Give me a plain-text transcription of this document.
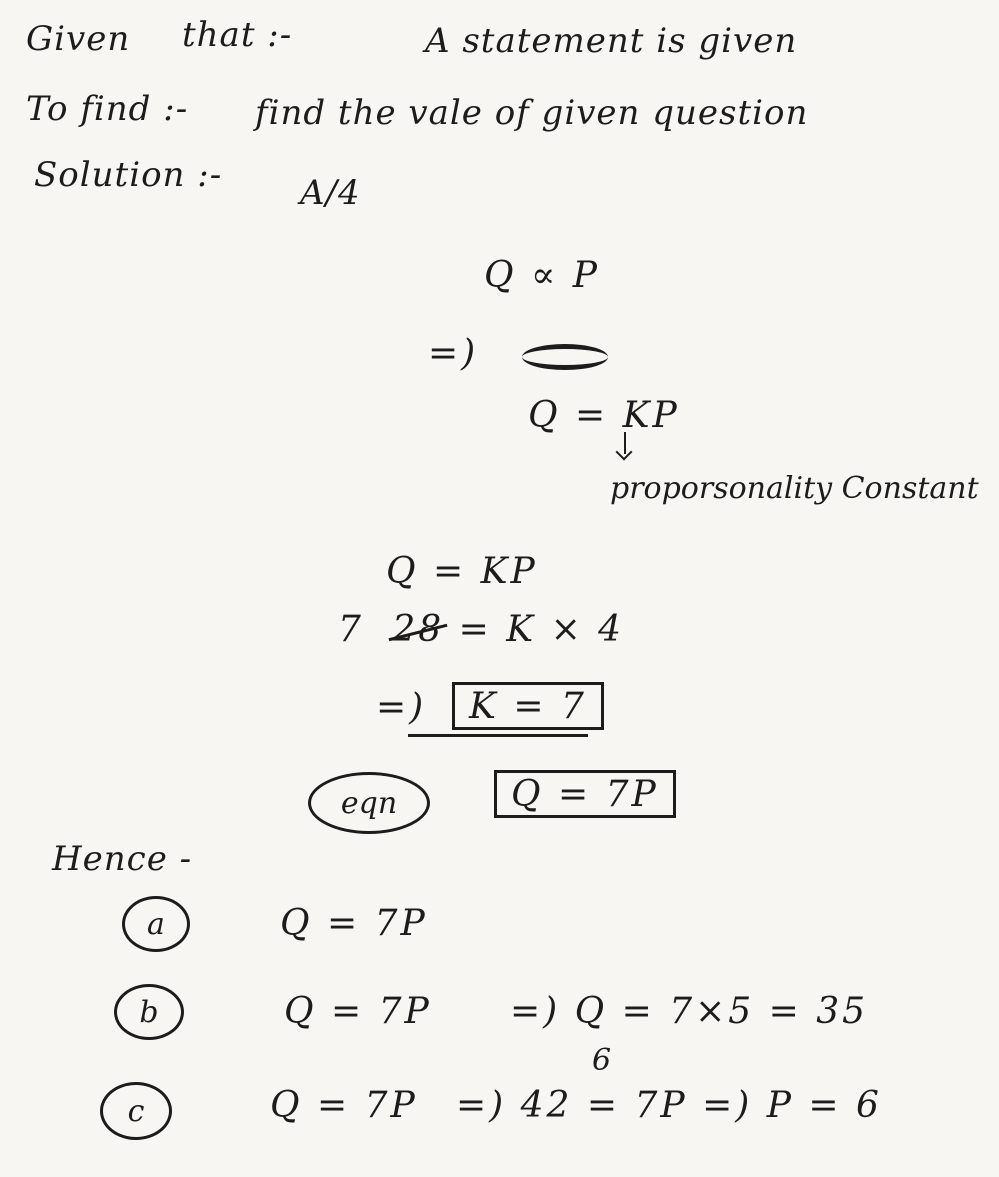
Given that :-	A statement is given
To find :- find the vale of given question
Solution :- A/4
Q ∝ P
=)
Q = KP
proporsonality Constant
Q = KP
7 28 = K × 4
=)	K = 7
eqn	Q = 7P
Hence -
a	Q = 7P
b	Q = 7P =) Q = 7×5 = 35
c	Q = 7P
6
=) 42 = 7P =) P = 6
